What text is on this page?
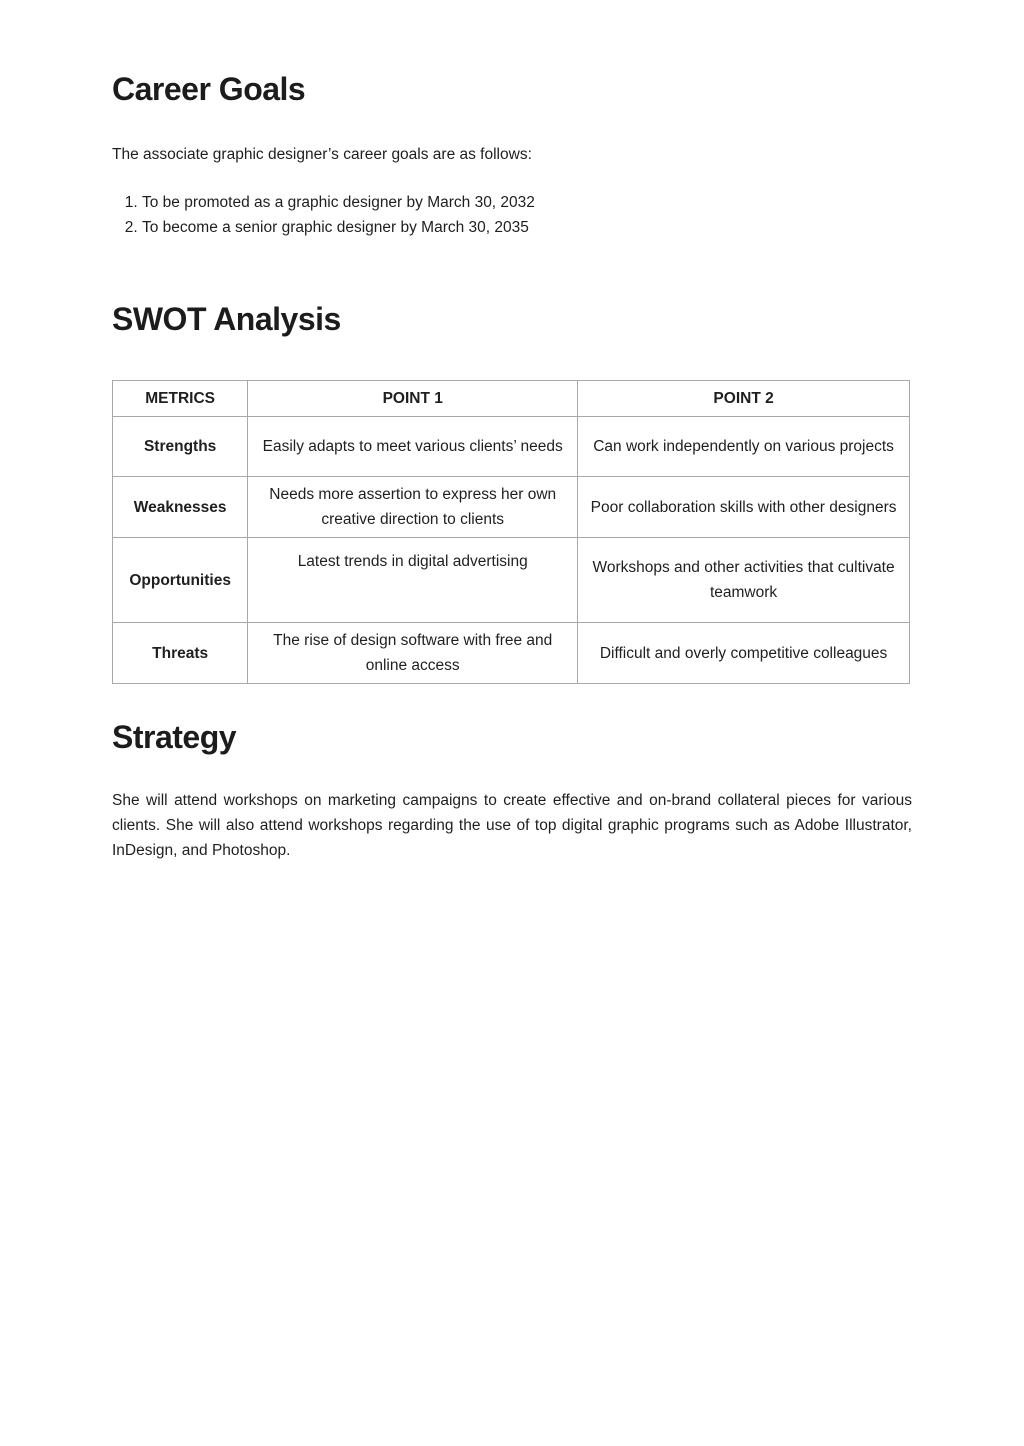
Career Goals

The associate graphic designer’s career goals are as follows:

1. To be promoted as a graphic designer by March 30, 2032
2. To become a senior graphic designer by March 30, 2035
SWOT Analysis
METRICS	POINT 1	POINT 2
Strengths	Easily adapts to meet various clients’ needs	Can work independently on various projects
Weaknesses	Needs more assertion to express her own creative direction to clients	Poor collaboration skills with other designers
Opportunities	Latest trends in digital advertising	Workshops and other activities that cultivate teamwork
Threats	The rise of design software with free and online access	Difficult and overly competitive colleagues
Strategy

She will attend workshops on marketing campaigns to create effective and on-brand collateral pieces for various clients. She will also attend workshops regarding the use of top digital graphic programs such as Adobe Illustrator, InDesign, and Photoshop.
